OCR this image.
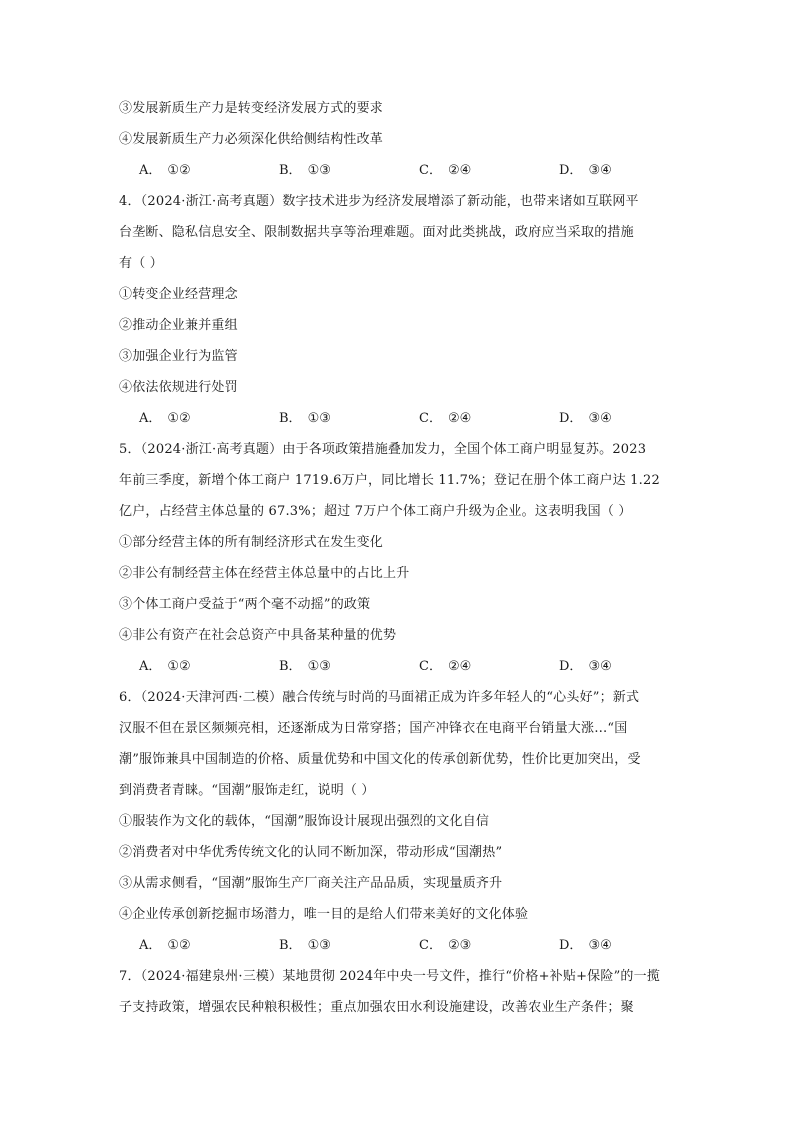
③发展新质生产力是转变经济发展方式的要求
④发展新质生产力必须深化供给侧结构性改革
A． ①②	B． ①③	C． ②④	D． ③④
4．（2024·浙江·高考真题）数字技术进步为经济发展增添了新动能，也带来诸如互联网平
台垄断、隐私信息安全、限制数据共享等治理难题。面对此类挑战，政府应当采取的措施
有（ ）
①转变企业经营理念
②推动企业兼并重组
③加强企业行为监管
④依法依规进行处罚
A． ①②	B． ①③	C． ②④	D． ③④
5．（2024·浙江·高考真题）由于各项政策措施叠加发力，全国个体工商户明显复苏。2023
年前三季度，新增个体工商户 1719.6万户，同比增长 11.7%；登记在册个体工商户达 1.22
亿户，占经营主体总量的 67.3%；超过 7万户个体工商户升级为企业。这表明我国（ ）
①部分经营主体的所有制经济形式在发生变化
②非公有制经营主体在经营主体总量中的占比上升
③个体工商户受益于“两个毫不动摇”的政策
④非公有资产在社会总资产中具备某种量的优势
A． ①②	B． ①③	C． ②④	D． ③④
6．（2024·天津河西·二模）融合传统与时尚的马面裙正成为许多年轻人的“心头好”；新式
汉服不但在景区频频亮相，还逐渐成为日常穿搭；国产冲锋衣在电商平台销量大涨…“国
潮”服饰兼具中国制造的价格、质量优势和中国文化的传承创新优势，性价比更加突出，受
到消费者青睐。“国潮”服饰走红，说明（ ）
①服装作为文化的载体，“国潮”服饰设计展现出强烈的文化自信
②消费者对中华优秀传统文化的认同不断加深，带动形成“国潮热”
③从需求侧看，“国潮”服饰生产厂商关注产品品质，实现量质齐升
④企业传承创新挖掘市场潜力，唯一目的是给人们带来美好的文化体验
A． ①②	B． ①③	C． ②③	D． ③④
7．（2024·福建泉州·三模）某地贯彻 2024年中央一号文件，推行“价格+补贴+保险”的一揽
子支持政策，增强农民种粮积极性；重点加强农田水利设施建设，改善农业生产条件；聚
